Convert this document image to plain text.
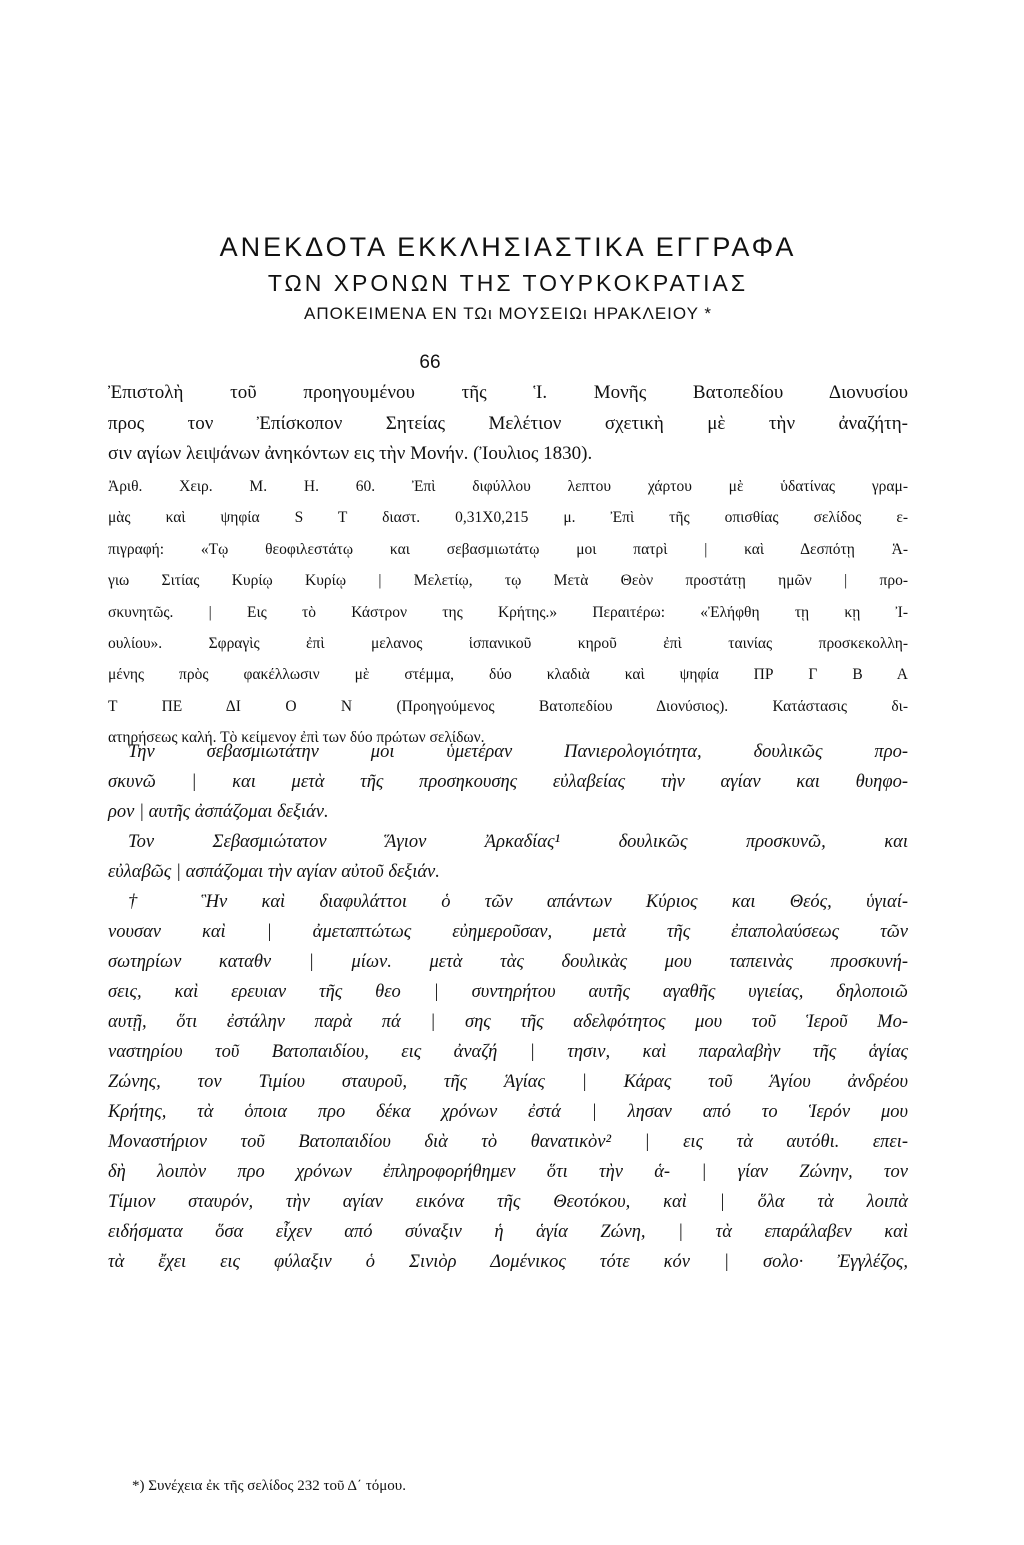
ΑΝΕΚΔΟΤΑ ΕΚΚΛΗΣΙΑΣΤΙΚΑ ΕΓΓΡΑΦΑ
ΤΩΝ ΧΡΟΝΩΝ ΤΗΣ ΤΟΥΡΚΟΚΡΑΤΙΑΣ
ΑΠΟΚΕΙΜΕΝΑ ΕΝ ΤΩι ΜΟΥΣΕΙΩι ΗΡΑΚΛΕΙΟΥ *
66
Ἐπιστολὴ τοῦ προηγουμένου τῆς Ἱ. Μονῆς Βατοπεδίου Διονυσίου
προς τον Ἐπίσκοπον Σητείας Μελέτιον σχετικὴ μὲ τὴν ἀναζήτη-
σιν αγίων λειψάνων ἀνηκόντων εις τὴν Μονήν. (Ἰουλιος 1830).
Ἀριθ. Χειρ. Μ. Η. 60. Ἐπὶ διφύλλου λεπτου χάρτου μὲ ὑδατίνας γραμ-
μὰς καὶ ψηφία S T διαστ. 0,31Χ0,215 μ. Ἐπὶ τῆς οπισθίας σελίδος ε-
πιγραφή: «Τῳ θεοφιλεστάτῳ και σεβασμιωτάτῳ μοι πατρὶ | καὶ Δεσπότῃ Ἁ-
γιω Σιτίας Κυρίῳ Κυρίῳ | Μελετίῳ, τῳ Μετὰ Θεὸν προστάτῃ ημῶν | προ-
σκυνητῶς. | Εις τὸ Κάστρον της Κρήτης.» Περαιτέρω: «Ἐλήφθη τῃ κῃ Ἰ-
ουλίου». Σφραγὶς ἐπὶ μελανος ἱσπανικοῦ κηροῦ ἐπὶ ταινίας προσκεκολλη-
μένης πρὸς φακέλλωσιν μὲ στέμμα, δύο κλαδιὰ καὶ ψηφία ΠΡ Γ Β Α
Τ ΠΕ ΔΙ Ο Ν (Προηγούμενος Βατοπεδίου Διονύσιος). Κατάστασις δι-
ατηρήσεως καλή. Τὸ κείμενον ἐπὶ των δύο πρώτων σελίδων.
Την σεβασμιωτάτην μοι ὑμετέραν Πανιερολογιότητα, δουλικῶς προ-
σκυνῶ | και μετὰ τῆς προσηκουσης εὐλαβείας τὴν αγίαν και θυηφο-
ρον | αυτῆς ἀσπάζομαι δεξιάν.
Τον Σεβασμιώτατον Ἅγιον Ἀρκαδίας¹ δουλικῶς προσκυνῶ, και
εὐλαβῶς | ασπάζομαι τὴν αγίαν αὐτοῦ δεξιάν.
† Ἣν καὶ διαφυλάττοι ὁ τῶν απάντων Κύριος και Θεός, ὑγιαί-
νουσαν καὶ | ἀμεταπτώτως εὐημεροῦσαν, μετὰ τῆς ἐπαπολαύσεως τῶν
σωτηρίων καταθν | μίων. μετὰ τὰς δουλικὰς μου ταπεινὰς προσκυνή-
σεις, καὶ ερευιαν τῆς θεο | συντηρήτου αυτῆς αγαθῆς υγιείας, δηλοποιῶ
αυτῇ, ὅτι ἐστάλην παρὰ πά | σης τῆς αδελφότητος μου τοῦ Ἱεροῦ Μο-
ναστηρίου τοῦ Βατοπαιδίου, εις ἀναζή | τησιν, καὶ παραλαβὴν τῆς ἁγίας
Ζώνης, τον Τιμίου σταυροῦ, τῆς Ἁγίας | Κάρας τοῦ Ἁγίου ἀνδρέου
Κρήτης, τὰ ὁποια προ δέκα χρόνων ἐστά | λησαν από το Ἱερόν μου
Μοναστήριον τοῦ Βατοπαιδίου διὰ τὸ θανατικὸν² | εις τὰ αυτόθι. επει-
δὴ λοιπὸν προ χρόνων ἐπληροφορήθημεν ὅτι τὴν ἁ- | γίαν Ζώνην, τον
Τίμιον σταυρόν, τὴν αγίαν εικόνα τῆς Θεοτόκου, καὶ | ὅλα τὰ λοιπὰ
ειδήσματα ὅσα εἶχεν από σύναξιν ἡ ἁγία Ζώνη, | τὰ επαράλαβεν καὶ
τὰ ἔχει εις φύλαξιν ὁ Σινιὸρ Δομένικος τότε κόν | σολο· Ἐγγλέζος,
*) Συνέχεια ἐκ τῆς σελίδος 232 τοῦ Δ΄ τόμου.
